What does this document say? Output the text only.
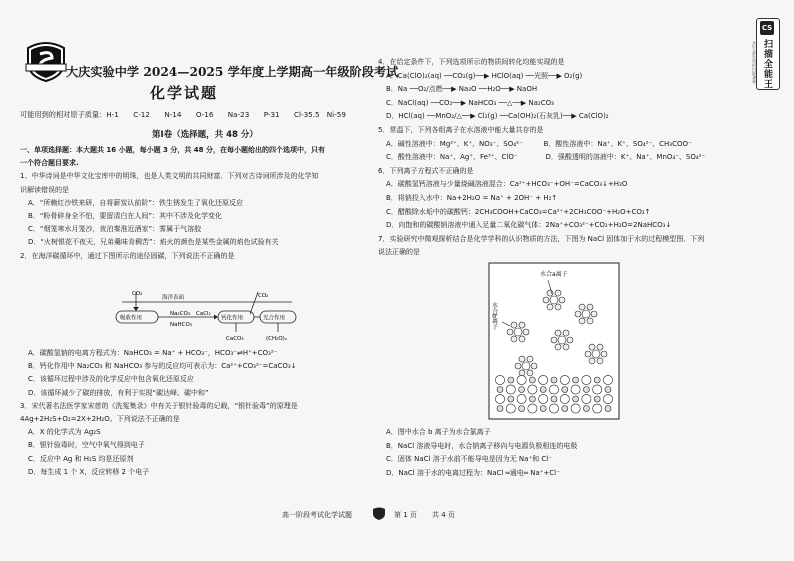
大庆实验中学 2024—2025 学年度上学期高一年级阶段考试
化学试题
CS
扫描全能王
3亿人都在用的扫描App
可能用到的相对原子质量：H-1　　C-12　　N-14　　O-16　　Na-23　　P-31　　Cl-35.5　Ni-59
第Ⅰ卷（选择题，共 48 分）
一、单项选择题：本大题共 16 小题，每小题 3 分，共 48 分，在每小题给出的四个选项中，只有
一个符合题目要求.
1、中华诗词是中华文化宝库中的明珠，也是人类文明的共同财富．下列对古诗词所涉及的化学知
识解读错误的是
A．“所赖红沙铁来研，自将薪炭认前阶”：铁生锈发生了氧化还原反应
B．“粉骨碎身全不怕，要留清白在人间”：其中不涉及化学变化
C．“烟笼寒水月笼沙，夜泊秦淮近酒家”：雾属于气溶胶
D．“火树银花不夜天，兄弟羹味肯稠苦”：焰火的颜色是某些金属的焰色试验有关
2．在海洋碳循环中，通过下图所示的途径固碳，下列说法不正确的是
CO₂
海洋表面	CO₂
吸收作用	钙化作用	光合作用
Na₂CO₃
NaHCO₃
CaCl₂
CaCO₃	(CH₂O)ₓ
A．碳酸氢钠的电离方程式为：NaHCO₃ = Na⁺ + HCO₃⁻，HCO₃⁻⇌H⁺+CO₃²⁻
B．钙化作用中 Na₂CO₃ 和 NaHCO₃ 参与的反应均可表示为：Ca²⁺+CO₃²⁻=CaCO₃↓
C．该循环过程中涉及的化学反应中包含氧化还原反应
D．该循环减少了碳的排放，有利于实现“碳达峰、碳中和”
3．宋代著名法医学家宋慈的《洗冤集录》中有关于银针验毒的记载，“银针验毒”的原理是
4Ag+2H₂S+O₂=2X+2H₂O。下列说法不正确的是
A．X 的化学式为 Ag₂S
B．银针验毒时，空气中氧气得到电子
C．反应中 Ag 和 H₂S 均是还原剂
D．每生成 1 个 X，反应转移 2 个电子
4．在给定条件下，下列选项所示的物质间转化均能实现的是
A．Ca(ClO)₂(aq) ──CO₂(g)──▶ HClO(aq) ──光照──▶ O₂(g)
B．Na ──O₂/点燃──▶ Na₂O ──H₂O──▶ NaOH
C．NaCl(aq) ──CO₂──▶ NaHCO₃ ──△──▶ Na₂CO₃
D．HCl(aq) ──MnO₂/△──▶ Cl₂(g) ──Ca(OH)₂(石灰乳)──▶ Ca(ClO)₂
5．常温下，下列各组离子在水溶液中能大量共存的是
A．碱性溶液中：Mg²⁺、K⁺、NO₃⁻、SO₄²⁻　　　B．酸性溶液中：Na⁺、K⁺、SO₄²⁻、CH₃COO⁻
C．酸性溶液中：Na⁺、Ag⁺、Fe³⁺、ClO⁻　　　　D．强酸透明的溶液中：K⁺、Na⁺、MnO₄⁻、SO₄²⁻
6．下列离子方程式不正确的是
A．碳酸氢钙溶液与少量烧碱溶液混合：Ca²⁺+HCO₃⁻+OH⁻=CaCO₃↓+H₂O
B．将钠投入水中：Na+2H₂O = Na⁺ + 2OH⁻ + H₂↑
C．醋酸除水垢中的碳酸钙：2CH₃COOH+CaCO₃=Ca²⁺+2CH₃COO⁻+H₂O+CO₂↑
D．向饱和的碳酸钠溶液中通入足量二氧化碳气体：2Na⁺+CO₃²⁻+CO₂+H₂O=2NaHCO₃↓
7．实验研究中微观探析结合是化学学科的认识物质的方法，下图为 NaCl 固体加于水的过程模型图．下列
说法正确的是
水合a离子
水合b离子
A．图中水合 b 离子为水合氯离子
B．NaCl 溶液导电时，水合钠离子移向与电源负极相连的电极
C．固体 NaCl 溶于水前不能导电是因为无 Na⁺和 Cl⁻
D．NaCl 溶于水的电离过程为：NaCl ═通电═ Na⁺+Cl⁻
高一阶段考试化学试题	第 1 页 共 4 页
